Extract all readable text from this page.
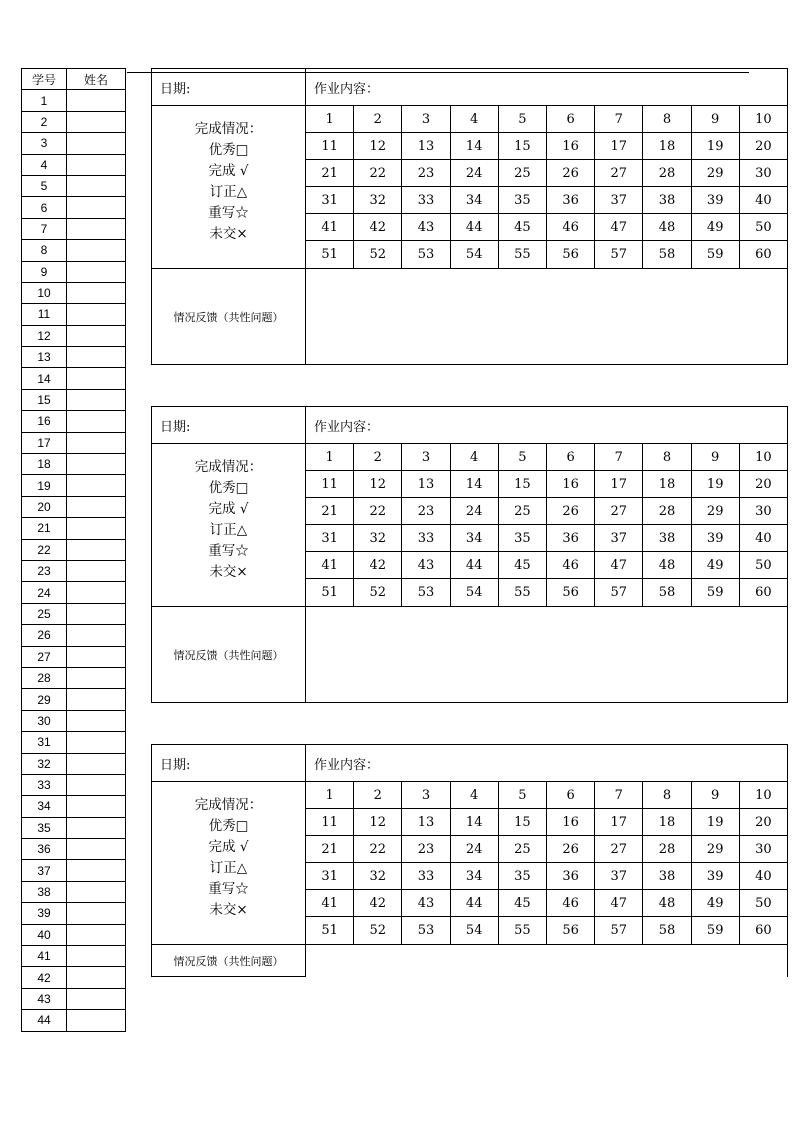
学号	姓名
1	
2	
3	
4	
5	
6	
7	
8	
9	
10	
11	
12	
13	
14	
15	
16	
17	
18	
19	
20	
21	
22	
23	
24	
25	
26	
27	
28	
29	
30	
31	
32	
33	
34	
35	
36	
37	
38	
39	
40	
41	
42	
43	
44	
日期:	作业内容：
完成情况：
优秀□
完成 √
订正△
重写☆
未交×
1	2	3	4	5	6	7	8	9	10
11	12	13	14	15	16	17	18	19	20
21	22	23	24	25	26	27	28	29	30
31	32	33	34	35	36	37	38	39	40
41	42	43	44	45	46	47	48	49	50
51	52	53	54	55	56	57	58	59	60
情况反馈（共性问题）
日期:	作业内容：
完成情况：
优秀□
完成 √
订正△
重写☆
未交×
1	2	3	4	5	6	7	8	9	10
11	12	13	14	15	16	17	18	19	20
21	22	23	24	25	26	27	28	29	30
31	32	33	34	35	36	37	38	39	40
41	42	43	44	45	46	47	48	49	50
51	52	53	54	55	56	57	58	59	60
情况反馈（共性问题）
日期:	作业内容：
完成情况：
优秀□
完成 √
订正△
重写☆
未交×
1	2	3	4	5	6	7	8	9	10
11	12	13	14	15	16	17	18	19	20
21	22	23	24	25	26	27	28	29	30
31	32	33	34	35	36	37	38	39	40
41	42	43	44	45	46	47	48	49	50
51	52	53	54	55	56	57	58	59	60
情况反馈（共性问题）
